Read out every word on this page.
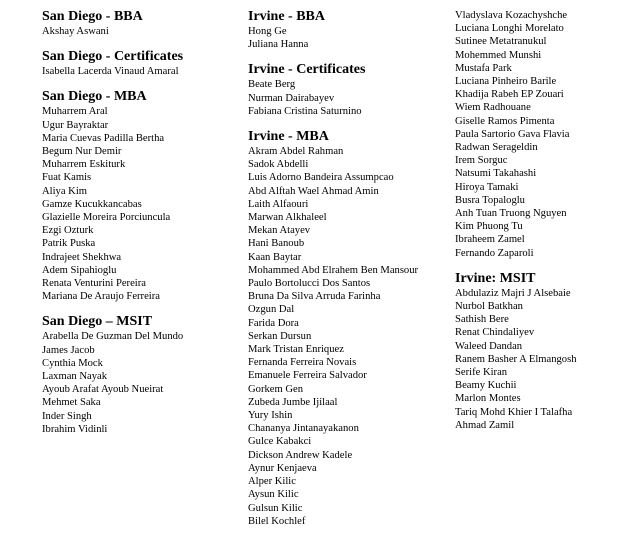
San Diego - BBA
Akshay Aswani
San Diego - Certificates
Isabella Lacerda Vinaud Amaral
San Diego - MBA
Muharrem Aral
Ugur Bayraktar
Maria Cuevas Padilla Bertha
Begum Nur Demir
Muharrem Eskiturk
Fuat Kamis
Aliya Kim
Gamze Kucukkancabas
Glazielle Moreira Porciuncula
Ezgi Ozturk
Patrik Puska
Indrajeet Shekhwa
Adem Sipahioglu
Renata Venturini Pereira
Mariana De Araujo Ferreira
San Diego – MSIT
Arabella De Guzman Del Mundo
James Jacob
Cynthia Mock
Laxman Nayak
Ayoub Arafat Ayoub Nueirat
Mehmet Saka
Inder Singh
Ibrahim Vidinli
Irvine - BBA
Hong Ge
Juliana Hanna
Irvine - Certificates
Beate Berg
Nurman Dairabayev
Fabiana Cristina Saturnino
Irvine - MBA
Akram Abdel Rahman
Sadok Abdelli
Luis Adorno Bandeira Assumpcao
Abd Alftah Wael Ahmad Amin
Laith Alfaouri
Marwan Alkhaleel
Mekan Atayev
Hani Banoub
Kaan Baytar
Mohammed Abd Elrahem Ben Mansour
Paulo Bortolucci Dos Santos
Bruna Da Silva Arruda Farinha
Ozgun Dal
Farida Dora
Serkan Dursun
Mark Tristan Enriquez
Fernanda Ferreira Novais
Emanuele Ferreira Salvador
Gorkem Gen
Zubeda Jumbe Ijilaal
Yury Ishin
Chananya Jintanayakanon
Gulce Kabakci
Dickson Andrew Kadele
Aynur Kenjaeva
Alper Kilic
Aysun Kilic
Gulsun Kilic
Bilel Kochlef
Vladyslava Kozachyshche
Luciana Longhi Morelato
Sutinee Metatranukul
Mohemmed Munshi
Mustafa Park
Luciana Pinheiro Barile
Khadija Rabeh EP Zouari
Wiem Radhouane
Giselle Ramos Pimenta
Paula Sartorio Gava Flavia
Radwan Serageldin
Irem Sorguc
Natsumi Takahashi
Hiroya Tamaki
Busra Topaloglu
Anh Tuan Truong Nguyen
Kim Phuong Tu
Ibraheem Zamel
Fernando Zaparoli
Irvine: MSIT
Abdulaziz Majri J Alsebaie
Nurbol Batkhan
Sathish Bere
Renat Chindaliyev
Waleed Dandan
Ranem Basher A Elmangosh
Serife Kiran
Beamy Kuchii
Marlon Montes
Tariq Mohd Khier I Talafha
Ahmad Zamil
